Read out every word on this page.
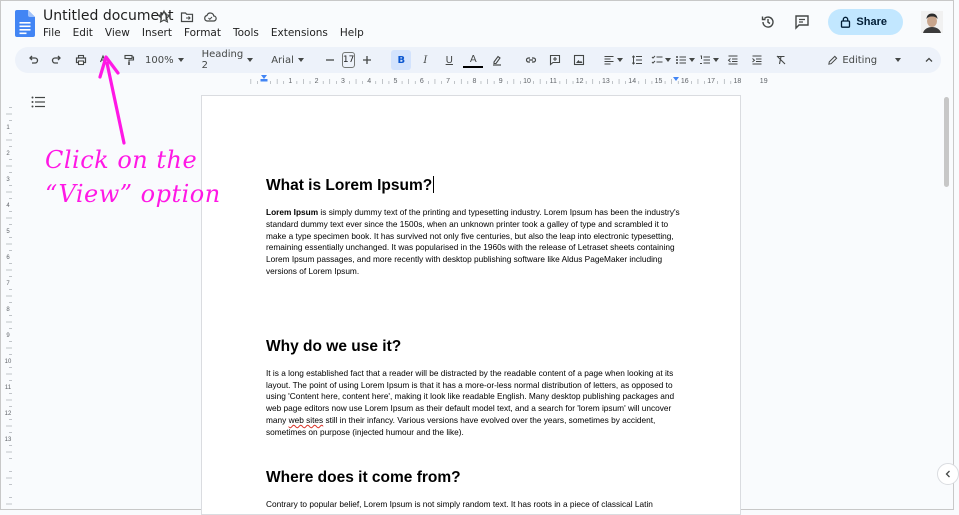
Untitled document
File	Edit	View	Insert	Format	Tools	Extensions	Help
Share
100%	Heading 2	Arial	17	B	I	U	A	Editing
1	2	3	4	5	6	7	8	9	10	11	12	13	14	15	16	17	18	19
1
2
3
4
5
6
7
8
9
10
11
12
13
What is Lorem Ipsum?

Lorem Ipsum is simply dummy text of the printing and typesetting industry. Lorem Ipsum has been the industry's standard dummy text ever since the 1500s, when an unknown printer took a galley of type and scrambled it to make a type specimen book. It has survived not only five centuries, but also the leap into electronic typesetting, remaining essentially unchanged. It was popularised in the 1960s with the release of Letraset sheets containing Lorem Ipsum passages, and more recently with desktop publishing software like Aldus PageMaker including versions of Lorem Ipsum.

Why do we use it?

It is a long established fact that a reader will be distracted by the readable content of a page when looking at its layout. The point of using Lorem Ipsum is that it has a more-or-less normal distribution of letters, as opposed to using 'Content here, content here', making it look like readable English. Many desktop publishing packages and web page editors now use Lorem Ipsum as their default model text, and a search for 'lorem ipsum' will uncover many web sites still in their infancy. Various versions have evolved over the years, sometimes by accident, sometimes on purpose (injected humour and the like).

Where does it come from?

Contrary to popular belief, Lorem Ipsum is not simply random text. It has roots in a piece of classical Latin

Click on the
“View” option
